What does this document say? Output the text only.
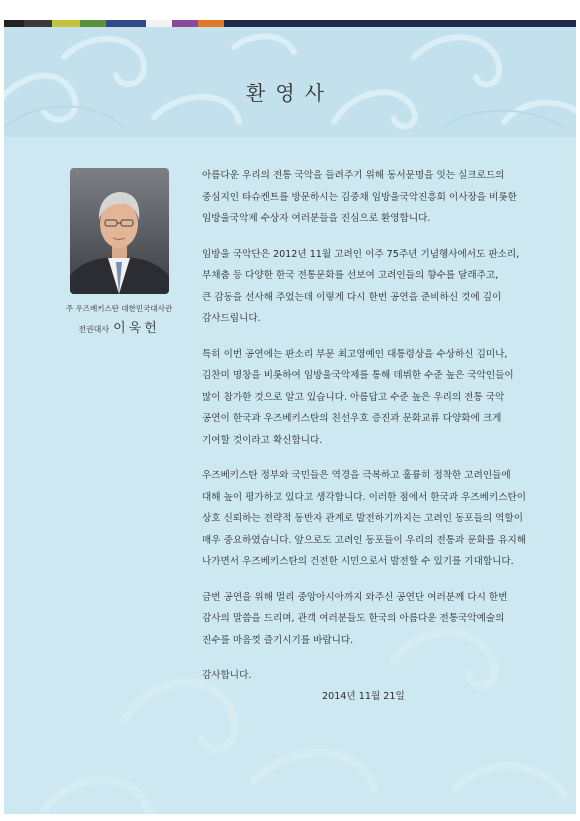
환영사
주 우즈베키스탄 대한민국대사관
전권대사 이욱헌

아름다운 우리의 전통 국악을 들려주기 위해 동서문명을 잇는 실크로드의
중심지인 타슈켄트를 방문하시는 김중채 임방울국악진흥회 이사장을 비롯한
임방울국악제 수상자 여러분들을 진심으로 환영합니다.

임방울 국악단은 2012년 11월 고려인 이주 75주년 기념행사에서도 판소리,
부채춤 등 다양한 한국 전통문화를 선보여 고려인들의 향수를 달래주고,
큰 감동을 선사해 주었는데 이렇게 다시 한번 공연을 준비하신 것에 깊이
감사드립니다.

특히 이번 공연에는 판소리 부문 최고영예인 대통령상을 수상하신 김미나,
김찬미 명창을 비롯하여 임방울국악제를 통해 데뷔한 수준 높은 국악인들이
많이 참가한 것으로 알고 있습니다. 아름답고 수준 높은 우리의 전통 국악
공연이 한국과 우즈베키스탄의 친선우호 증진과 문화교류 다양화에 크게
기여할 것이라고 확신합니다.

우즈베키스탄 정부와 국민들은 역경을 극복하고 훌륭히 정착한 고려인들에
대해 높이 평가하고 있다고 생각합니다. 이러한 점에서 한국과 우즈베키스탄이
상호 신뢰하는 전략적 동반자 관계로 발전하기까지는 고려인 동포들의 역할이
매우 중요하였습니다. 앞으로도 고려인 동포들이 우리의 전통과 문화를 유지해
나가면서 우즈베키스탄의 건전한 시민으로서 발전할 수 있기를 기대합니다.

금번 공연을 위해 멀리 중앙아시아까지 와주신 공연단 여러분께 다시 한번
감사의 말씀을 드리며, 관객 여러분들도 한국의 아름다운 전통국악예술의
진수를 마음껏 즐기시기를 바랍니다.

감사합니다.

2014년 11월 21일
